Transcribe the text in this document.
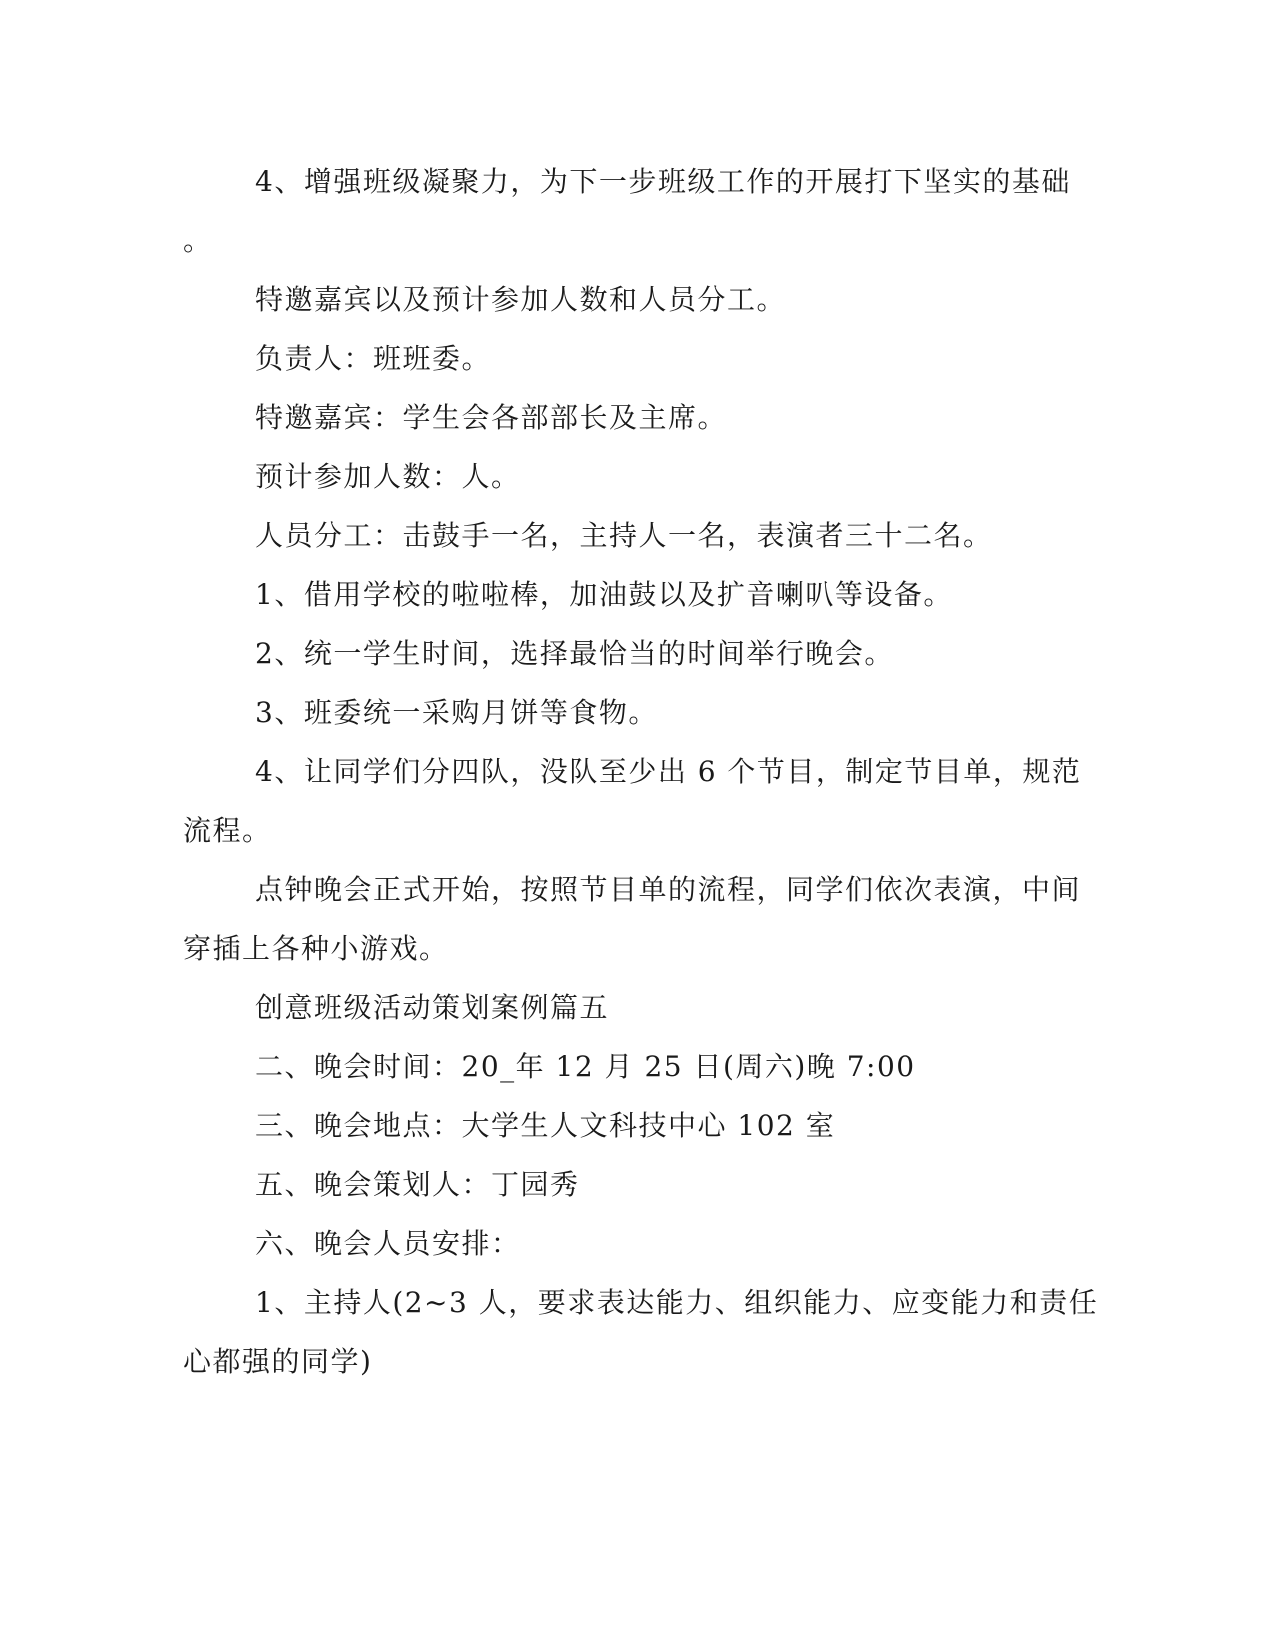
4、增强班级凝聚力，为下一步班级工作的开展打下坚实的基础
。
特邀嘉宾以及预计参加人数和人员分工。
负责人：班班委。
特邀嘉宾：学生会各部部长及主席。
预计参加人数：人。
人员分工：击鼓手一名，主持人一名，表演者三十二名。
1、借用学校的啦啦棒，加油鼓以及扩音喇叭等设备。
2、统一学生时间，选择最恰当的时间举行晚会。
3、班委统一采购月饼等食物。
4、让同学们分四队，没队至少出 6 个节目，制定节目单，规范
流程。
点钟晚会正式开始，按照节目单的流程，同学们依次表演，中间
穿插上各种小游戏。
创意班级活动策划案例篇五
二、晚会时间：20_年 12 月 25 日(周六)晚 7:00
三、晚会地点：大学生人文科技中心 102 室
五、晚会策划人：丁园秀
六、晚会人员安排：
1、主持人(2~3 人，要求表达能力、组织能力、应变能力和责任
心都强的同学)
